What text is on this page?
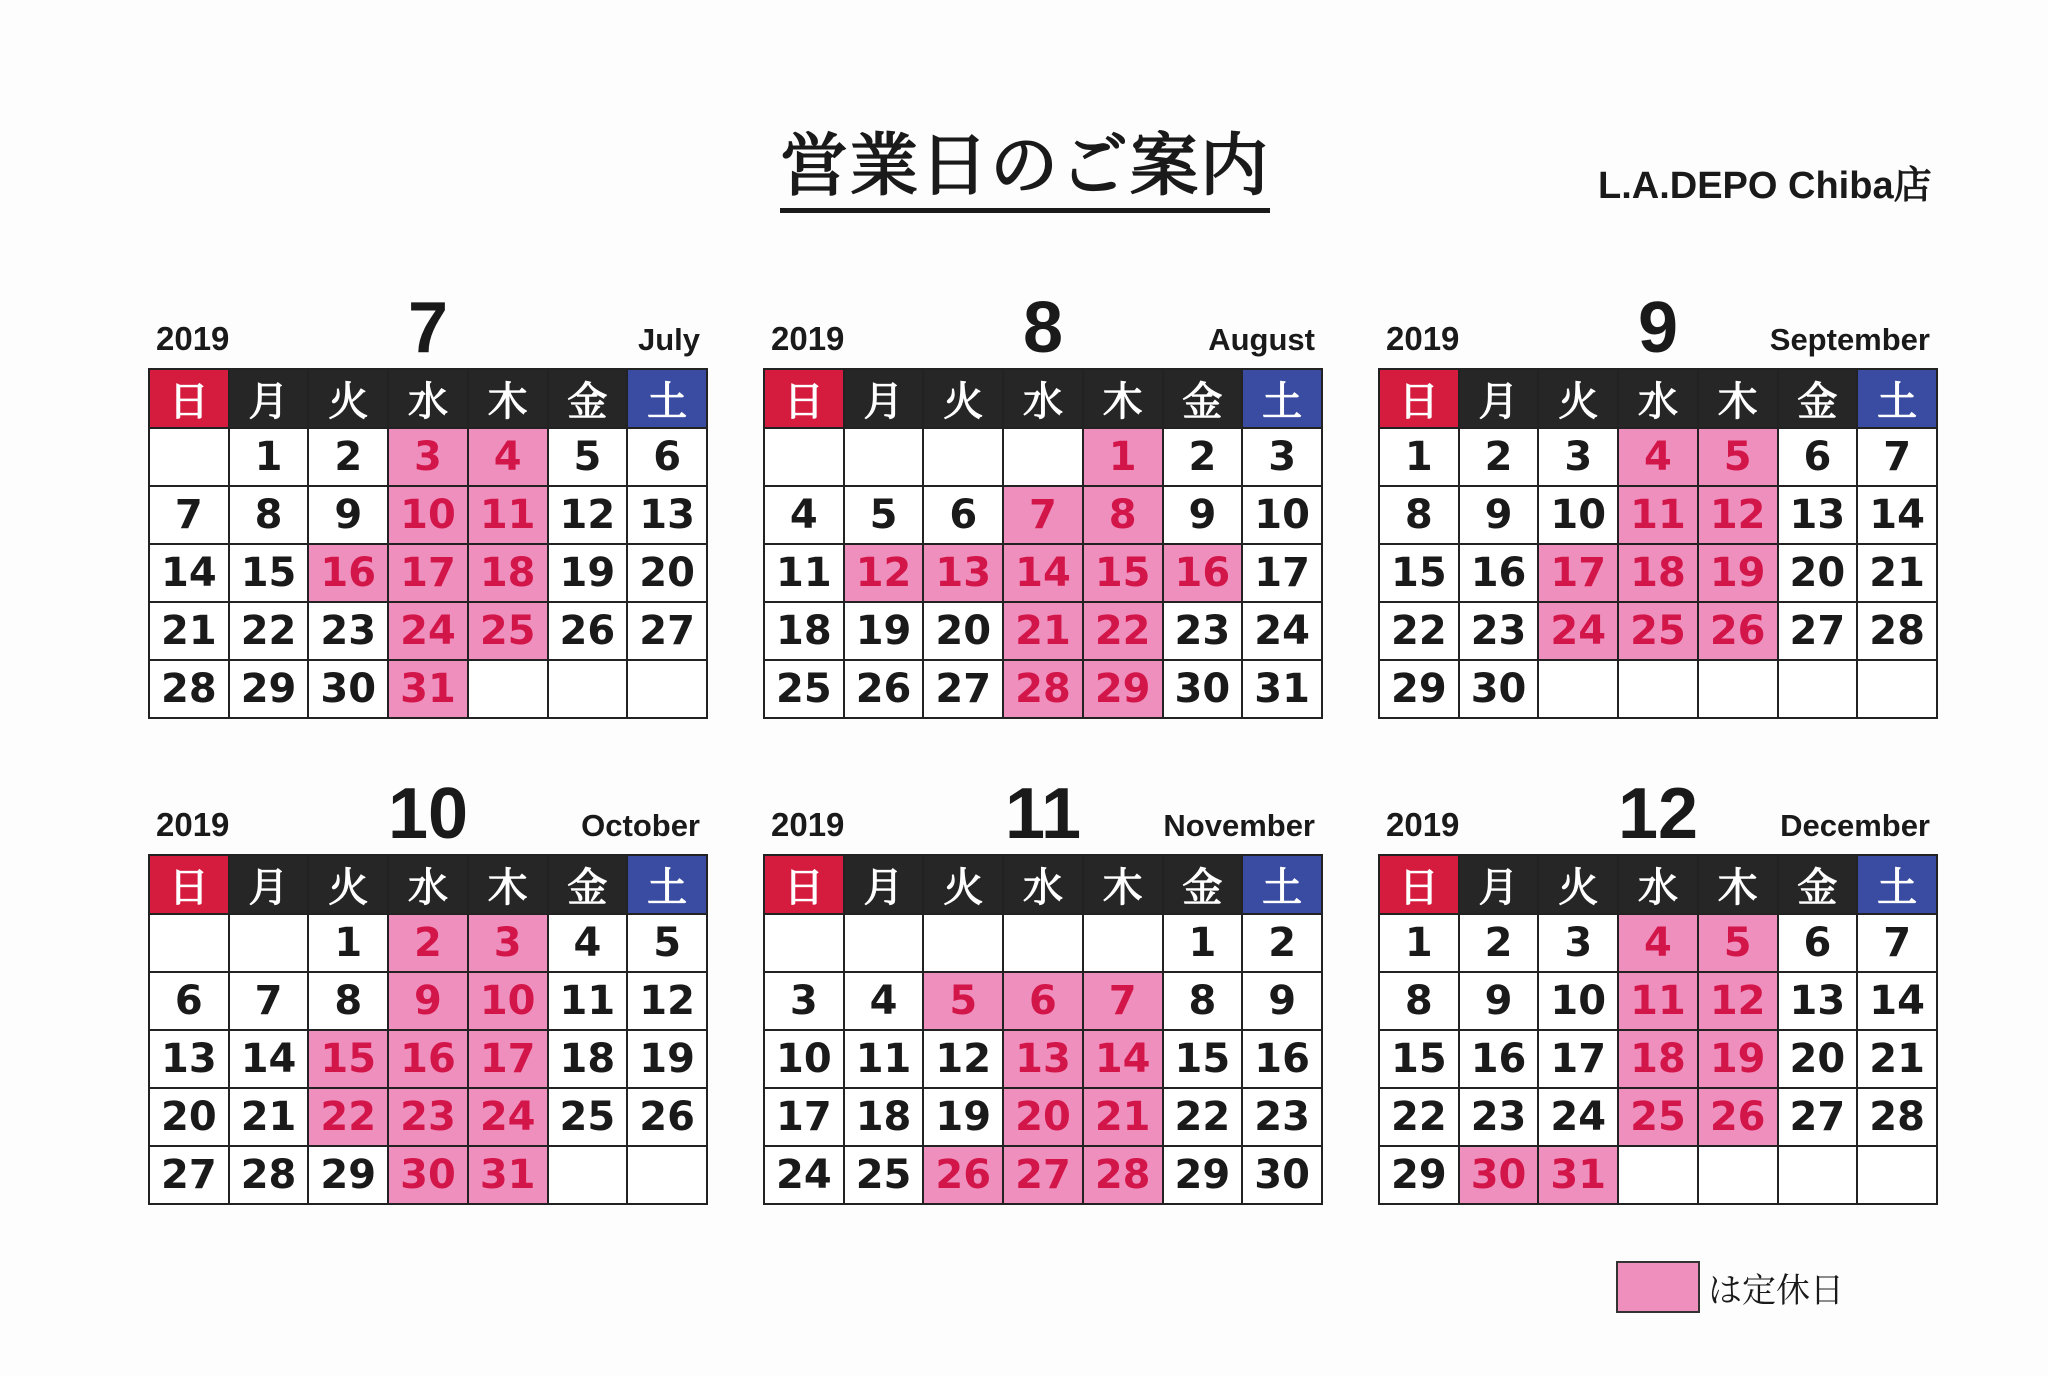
営業日のご案内	L.A.DEPO Chiba店
2019	7	July
日	月	火	水	木	金	土
	1	2	3	4	5	6
7	8	9	10	11	12	13
14	15	16	17	18	19	20
21	22	23	24	25	26	27
28	29	30	31			
2019	8	August
日	月	火	水	木	金	土
				1	2	3
4	5	6	7	8	9	10
11	12	13	14	15	16	17
18	19	20	21	22	23	24
25	26	27	28	29	30	31
2019	9	September
日	月	火	水	木	金	土
1	2	3	4	5	6	7
8	9	10	11	12	13	14
15	16	17	18	19	20	21
22	23	24	25	26	27	28
29	30					
2019	10	October
日	月	火	水	木	金	土
		1	2	3	4	5
6	7	8	9	10	11	12
13	14	15	16	17	18	19
20	21	22	23	24	25	26
27	28	29	30	31		
2019	11	November
日	月	火	水	木	金	土
					1	2
3	4	5	6	7	8	9
10	11	12	13	14	15	16
17	18	19	20	21	22	23
24	25	26	27	28	29	30
2019	12	December
日	月	火	水	木	金	土
1	2	3	4	5	6	7
8	9	10	11	12	13	14
15	16	17	18	19	20	21
22	23	24	25	26	27	28
29	30	31				
は定休日
